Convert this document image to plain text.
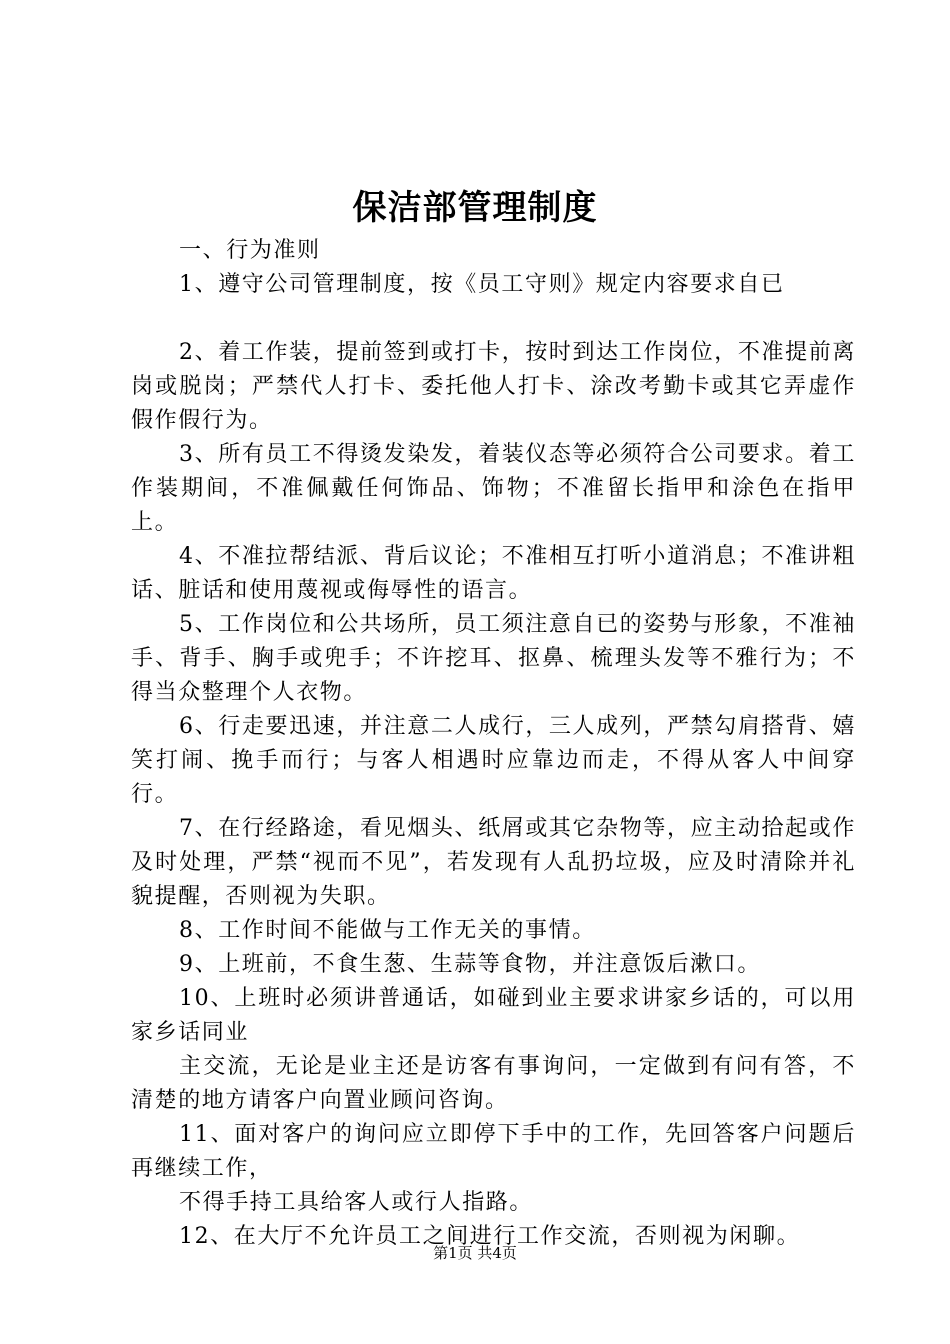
保洁部管理制度

一、行为准则

1、遵守公司管理制度，按《员工守则》规定内容要求自已

2、着工作装，提前签到或打卡，按时到达工作岗位，不准提前离岗或脱岗；严禁代人打卡、委托他人打卡、涂改考勤卡或其它弄虚作假作假行为。

3、所有员工不得烫发染发，着装仪态等必须符合公司要求。着工作装期间，不准佩戴任何饰品、饰物；不准留长指甲和涂色在指甲上。

4、不准拉帮结派、背后议论；不准相互打听小道消息；不准讲粗话、脏话和使用蔑视或侮辱性的语言。

5、工作岗位和公共场所，员工须注意自已的姿势与形象，不准袖手、背手、胸手或兜手；不许挖耳、抠鼻、梳理头发等不雅行为；不得当众整理个人衣物。

6、行走要迅速，并注意二人成行，三人成列，严禁勾肩搭背、嬉笑打闹、挽手而行；与客人相遇时应靠边而走，不得从客人中间穿行。

7、在行经路途，看见烟头、纸屑或其它杂物等，应主动拾起或作及时处理，严禁“视而不见”，若发现有人乱扔垃圾，应及时清除并礼貌提醒，否则视为失职。

8、工作时间不能做与工作无关的事情。

9、上班前，不食生葱、生蒜等食物，并注意饭后漱口。

10、上班时必须讲普通话，如碰到业主要求讲家乡话的，可以用家乡话同业

主交流，无论是业主还是访客有事询问，一定做到有问有答，不清楚的地方请客户向置业顾问咨询。

11、面对客户的询问应立即停下手中的工作，先回答客户问题后再继续工作，

不得手持工具给客人或行人指路。

12、在大厅不允许员工之间进行工作交流，否则视为闲聊。

第1页 共4页
